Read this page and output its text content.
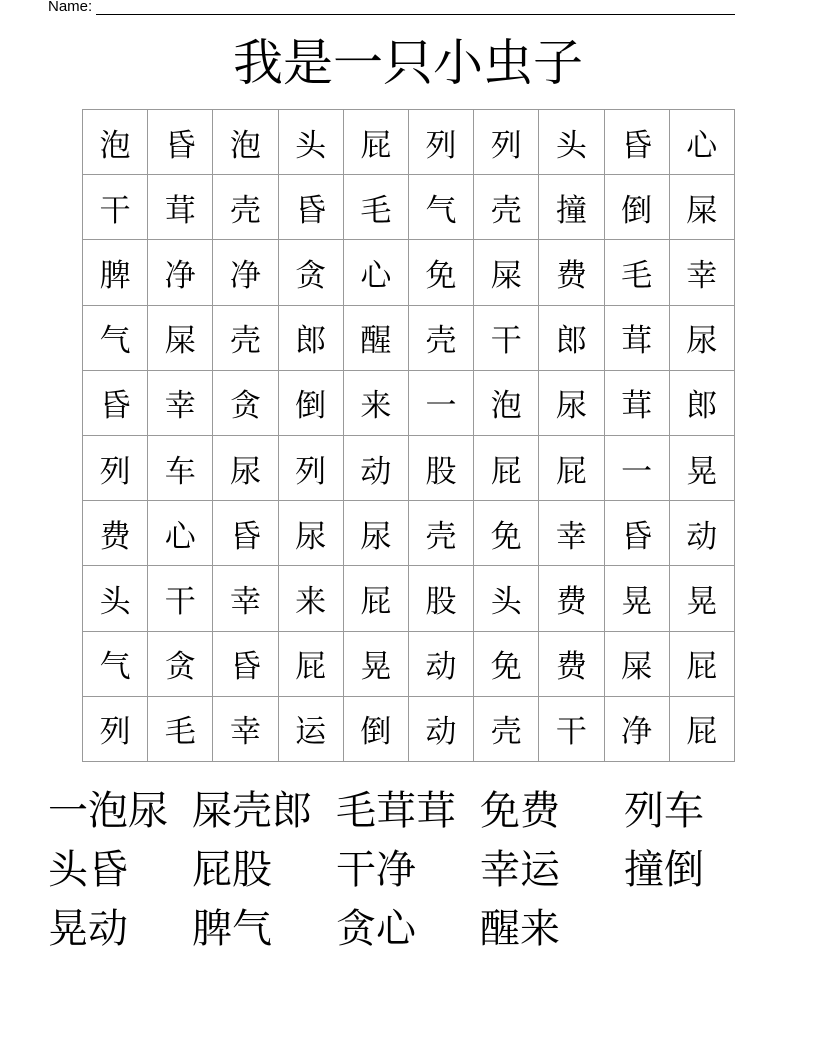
Name:
我是一只小虫子
泡	昏	泡	头	屁	列	列	头	昏	心
干	茸	壳	昏	毛	气	壳	撞	倒	屎
脾	净	净	贪	心	免	屎	费	毛	幸
气	屎	壳	郎	醒	壳	干	郎	茸	尿
昏	幸	贪	倒	来	一	泡	尿	茸	郎
列	车	尿	列	动	股	屁	屁	一	晃
费	心	昏	尿	尿	壳	免	幸	昏	动
头	干	幸	来	屁	股	头	费	晃	晃
气	贪	昏	屁	晃	动	免	费	屎	屁
列	毛	幸	运	倒	动	壳	干	净	屁
一泡尿 屎壳郎 毛茸茸 免费	列车
头昏	屁股	干净	幸运	撞倒
晃动	脾气	贪心	醒来
